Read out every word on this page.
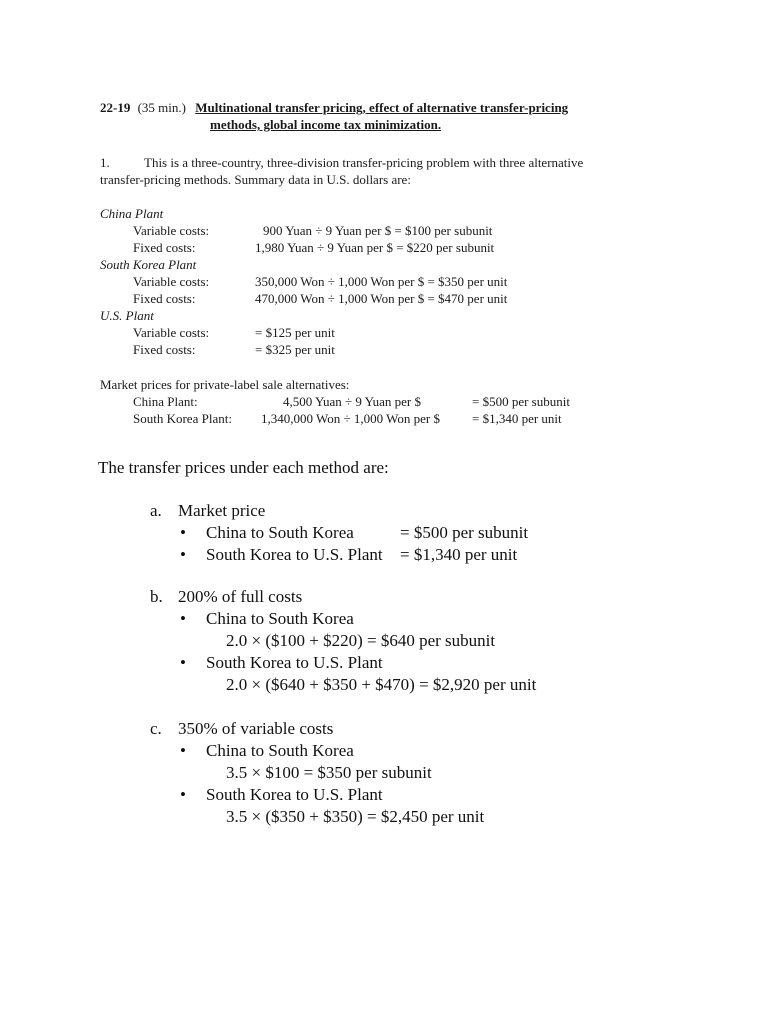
22-19 (35 min.) Multinational transfer pricing, effect of alternative transfer-pricing
methods, global income tax minimization.
1.	This is a three-country, three-division transfer-pricing problem with three alternative
transfer-pricing methods. Summary data in U.S. dollars are:
China Plant
Variable costs:	900 Yuan ÷ 9 Yuan per $ = $100 per subunit
Fixed costs:	1,980 Yuan ÷ 9 Yuan per $ = $220 per subunit
South Korea Plant
Variable costs:	350,000 Won ÷ 1,000 Won per $ = $350 per unit
Fixed costs:	470,000 Won ÷ 1,000 Won per $ = $470 per unit
U.S. Plant
Variable costs:	= $125 per unit
Fixed costs:	= $325 per unit
Market prices for private-label sale alternatives:
China Plant:	4,500 Yuan ÷ 9 Yuan per $	= $500 per subunit
South Korea Plant: 1,340,000 Won ÷ 1,000 Won per $ = $1,340 per unit
The transfer prices under each method are:
a. Market price
• China to South Korea	= $500 per subunit
• South Korea to U.S. Plant = $1,340 per unit
b. 200% of full costs
• China to South Korea
2.0 × ($100 + $220) = $640 per subunit
• South Korea to U.S. Plant
2.0 × ($640 + $350 + $470) = $2,920 per unit
c. 350% of variable costs
• China to South Korea
3.5 × $100 = $350 per subunit
• South Korea to U.S. Plant
3.5 × ($350 + $350) = $2,450 per unit
